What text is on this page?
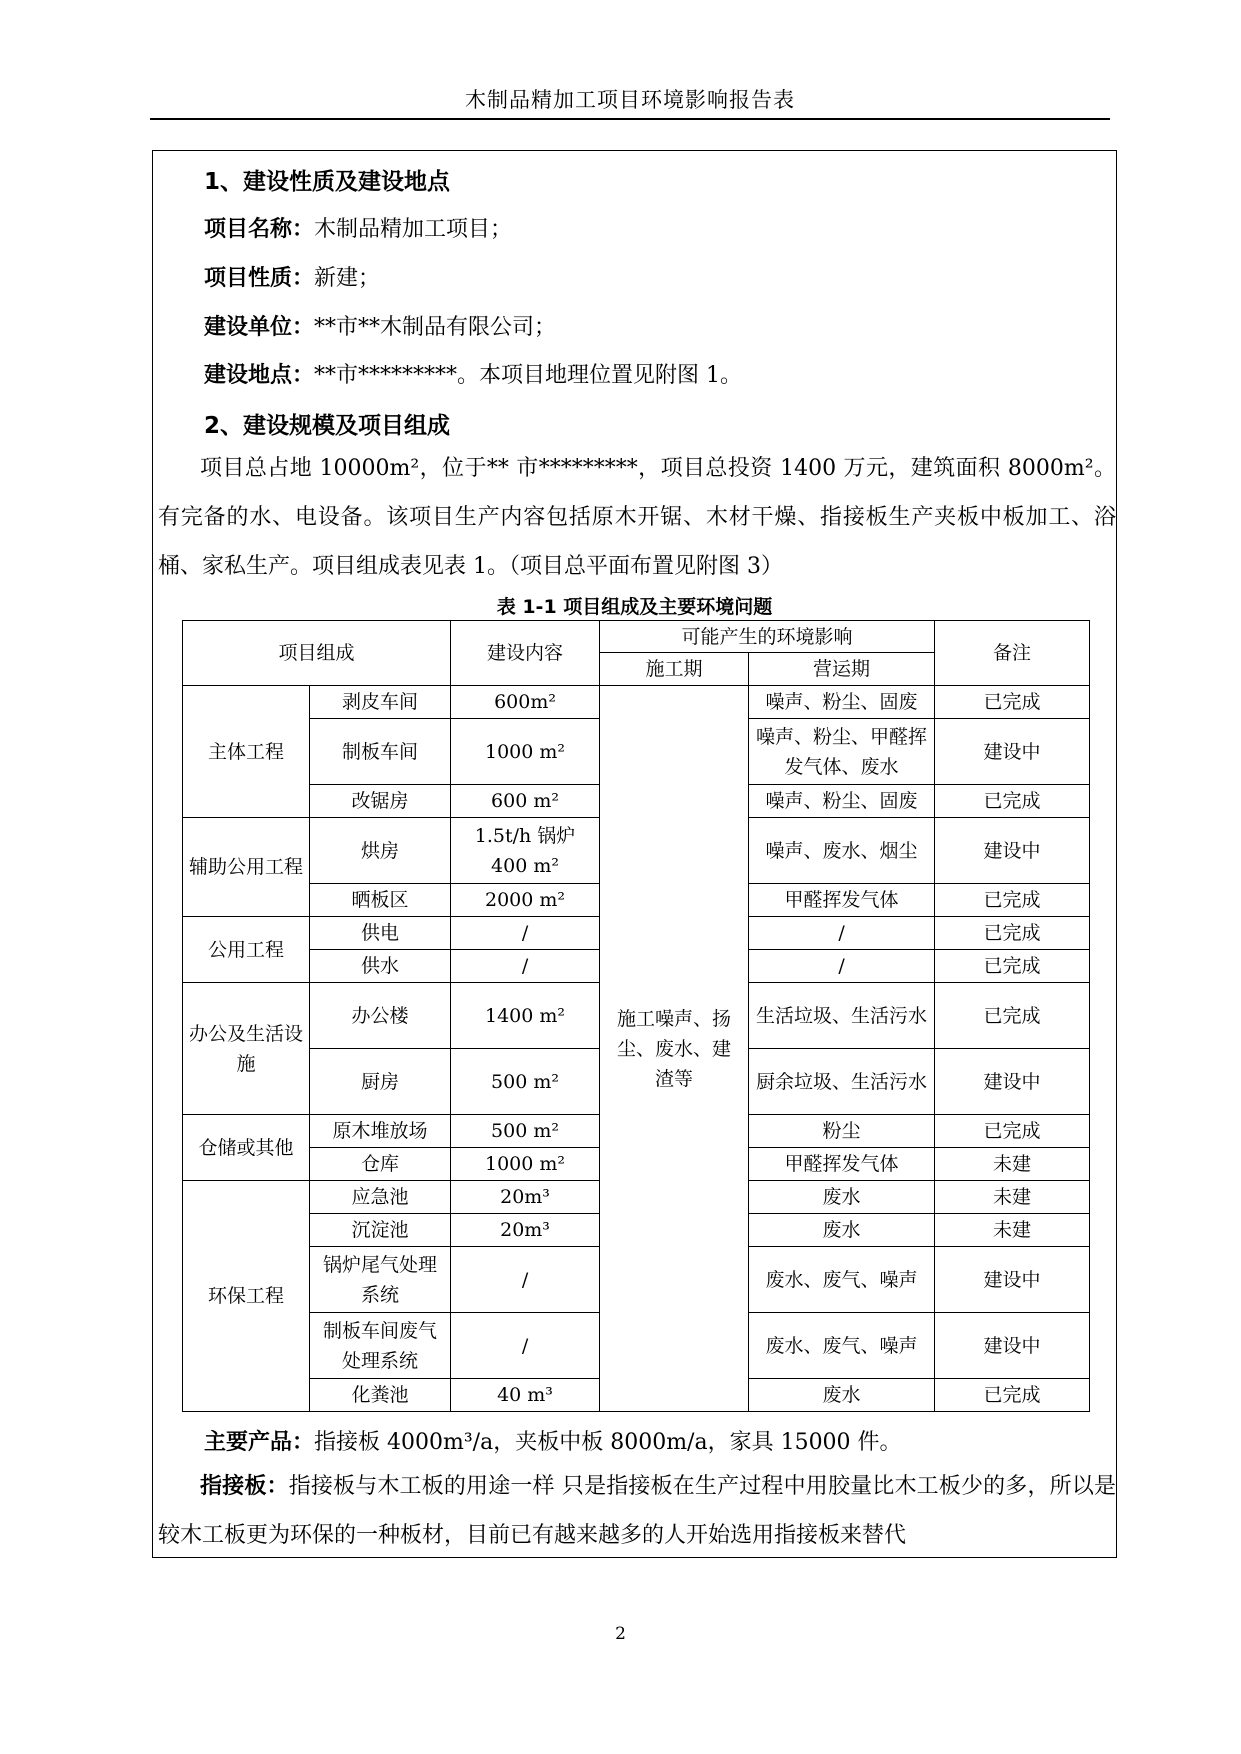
木制品精加工项目环境影响报告表
1、建设性质及建设地点
项目名称：木制品精加工项目；
项目性质：新建；
建设单位：**市**木制品有限公司；
建设地点：**市*********。本项目地理位置见附图 1。
2、建设规模及项目组成
项目总占地 10000m²，位于** 市*********，项目总投资 1400 万元，建筑面积 8000m²。有完备的水、电设备。该项目生产内容包括原木开锯、木材干燥、指接板生产夹板中板加工、浴桶、家私生产。项目组成表见表 1。（项目总平面布置见附图 3）
表 1-1 项目组成及主要环境问题
项目组成		建设内容	可能产生的环境影响		备注
			施工期	营运期	
主体工程	剥皮车间	600m²	施工噪声、扬尘、废水、建渣等	噪声、粉尘、固废	已完成
	制板车间	1000 m²		噪声、粉尘、甲醛挥发气体、废水	建设中
	改锯房	600 m²		噪声、粉尘、固废	已完成
辅助公用工程	烘房	1.5t/h 锅炉 400 m²		噪声、废水、烟尘	建设中
	晒板区	2000 m²		甲醛挥发气体	已完成
公用工程	供电	/		/	已完成
	供水	/		/	已完成
办公及生活设施	办公楼	1400 m²		生活垃圾、生活污水	已完成
	厨房	500 m²		厨余垃圾、生活污水	建设中
仓储或其他	原木堆放场	500 m²		粉尘	已完成
	仓库	1000 m²		甲醛挥发气体	未建
环保工程	应急池	20m³		废水	未建
	沉淀池	20m³		废水	未建
	锅炉尾气处理系统	/		废水、废气、噪声	建设中
	制板车间废气处理系统	/		废水、废气、噪声	建设中
	化粪池	40 m³		废水	已完成
主要产品：指接板 4000m³/a，夹板中板 8000m/a，家具 15000 件。
指接板：指接板与木工板的用途一样 只是指接板在生产过程中用胶量比木工板少的多，所以是较木工板更为环保的一种板材，目前已有越来越多的人开始选用指接板来替代
2
